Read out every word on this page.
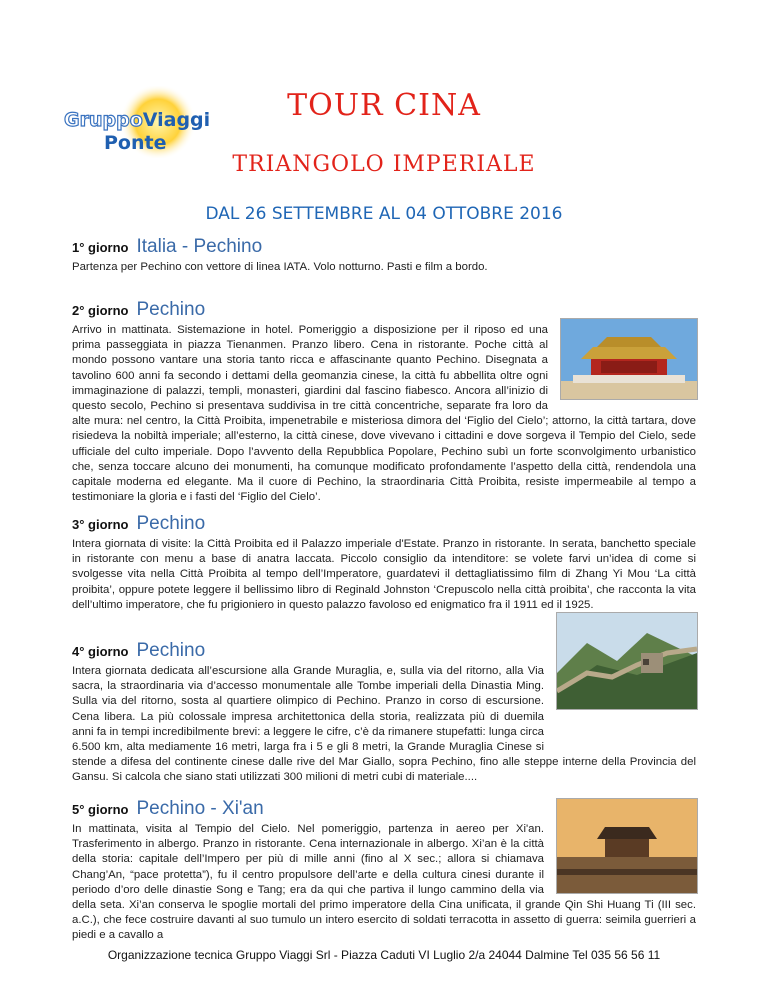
GruppoViaggi
Ponte
TOUR CINA
TRIANGOLO IMPERIALE
DAL 26 SETTEMBRE AL 04 OTTOBRE 2016
1° giorno Italia - Pechino

Partenza per Pechino con vettore di linea IATA. Volo notturno. Pasti e film a bordo.

2° giorno Pechino

Arrivo in mattinata. Sistemazione in hotel. Pomeriggio a disposizione per il riposo ed una prima passeggiata in piazza Tienanmen. Pranzo libero. Cena in ristorante. Poche città al mondo possono vantare una storia tanto ricca e affascinante quanto Pechino. Disegnata a tavolino 600 anni fa secondo i dettami della geomanzia cinese, la città fu abbellita oltre ogni immaginazione di palazzi, templi, monasteri, giardini dal fascino fiabesco. Ancora all’inizio di questo secolo, Pechino si presentava suddivisa in tre città concentriche, separate fra loro da alte mura: nel centro, la Città Proibita, impenetrabile e misteriosa dimora del ‘Figlio del Cielo’; attorno, la città tartara, dove risiedeva la nobiltà imperiale; all’esterno, la città cinese, dove vivevano i cittadini e dove sorgeva il Tempio del Cielo, sede ufficiale del culto imperiale. Dopo l’avvento della Repubblica Popolare, Pechino subì un forte sconvolgimento urbanistico che, senza toccare alcuno dei monumenti, ha comunque modificato profondamente l’aspetto della città, rendendola una capitale moderna ed elegante. Ma il cuore di Pechino, la straordinaria Città Proibita, resiste impermeabile al tempo a testimoniare la gloria e i fasti del ‘Figlio del Cielo’.

3° giorno Pechino

Intera giornata di visite: la Città Proibita ed il Palazzo imperiale d'Estate. Pranzo in ristorante. In serata, banchetto speciale in ristorante con menu a base di anatra laccata. Piccolo consiglio da intenditore: se volete farvi un’idea di come si svolgesse vita nella Città Proibita al tempo dell’Imperatore, guardatevi il dettagliatissimo film di Zhang Yi Mou ‘La città proibita’, oppure potete leggere il bellissimo libro di Reginald Johnston ‘Crepuscolo nella città proibita’, che racconta la vita dell’ultimo imperatore, che fu prigioniero in questo palazzo favoloso ed enigmatico fra il 1911 ed il 1925.

4° giorno Pechino

Intera giornata dedicata all’escursione alla Grande Muraglia, e, sulla via del ritorno, alla Via sacra, la straordinaria via d’accesso monumentale alle Tombe imperiali della Dinastia Ming. Sulla via del ritorno, sosta al quartiere olimpico di Pechino. Pranzo in corso di escursione. Cena libera. La più colossale impresa architettonica della storia, realizzata più di duemila anni fa in tempi incredibilmente brevi: a leggere le cifre, c’è da rimanere stupefatti: lunga circa 6.500 km, alta mediamente 16 metri, larga fra i 5 e gli 8 metri, la Grande Muraglia Cinese si stende a difesa del continente cinese dalle rive del Mar Giallo, sopra Pechino, fino alle steppe interne della Provincia del Gansu. Si calcola che siano stati utilizzati 300 milioni di metri cubi di materiale....

5° giorno Pechino - Xi'an

In mattinata, visita al Tempio del Cielo. Nel pomeriggio, partenza in aereo per Xi'an. Trasferimento in albergo. Pranzo in ristorante. Cena internazionale in albergo. Xi’an è la città della storia: capitale dell’Impero per più di mille anni (fino al X sec.; allora si chiamava Chang’An, “pace protetta”), fu il centro propulsore dell’arte e della cultura cinesi durante il periodo d’oro delle dinastie Song e Tang; era da qui che partiva il lungo cammino della via della seta. Xi’an conserva le spoglie mortali del primo imperatore della Cina unificata, il grande Qin Shi Huang Ti (III sec. a.C.), che fece costruire davanti al suo tumulo un intero esercito di soldati terracotta in assetto di guerra: seimila guerrieri a piedi e a cavallo a

Organizzazione tecnica Gruppo Viaggi Srl - Piazza Caduti VI Luglio 2/a 24044 Dalmine Tel 035 56 56 11
